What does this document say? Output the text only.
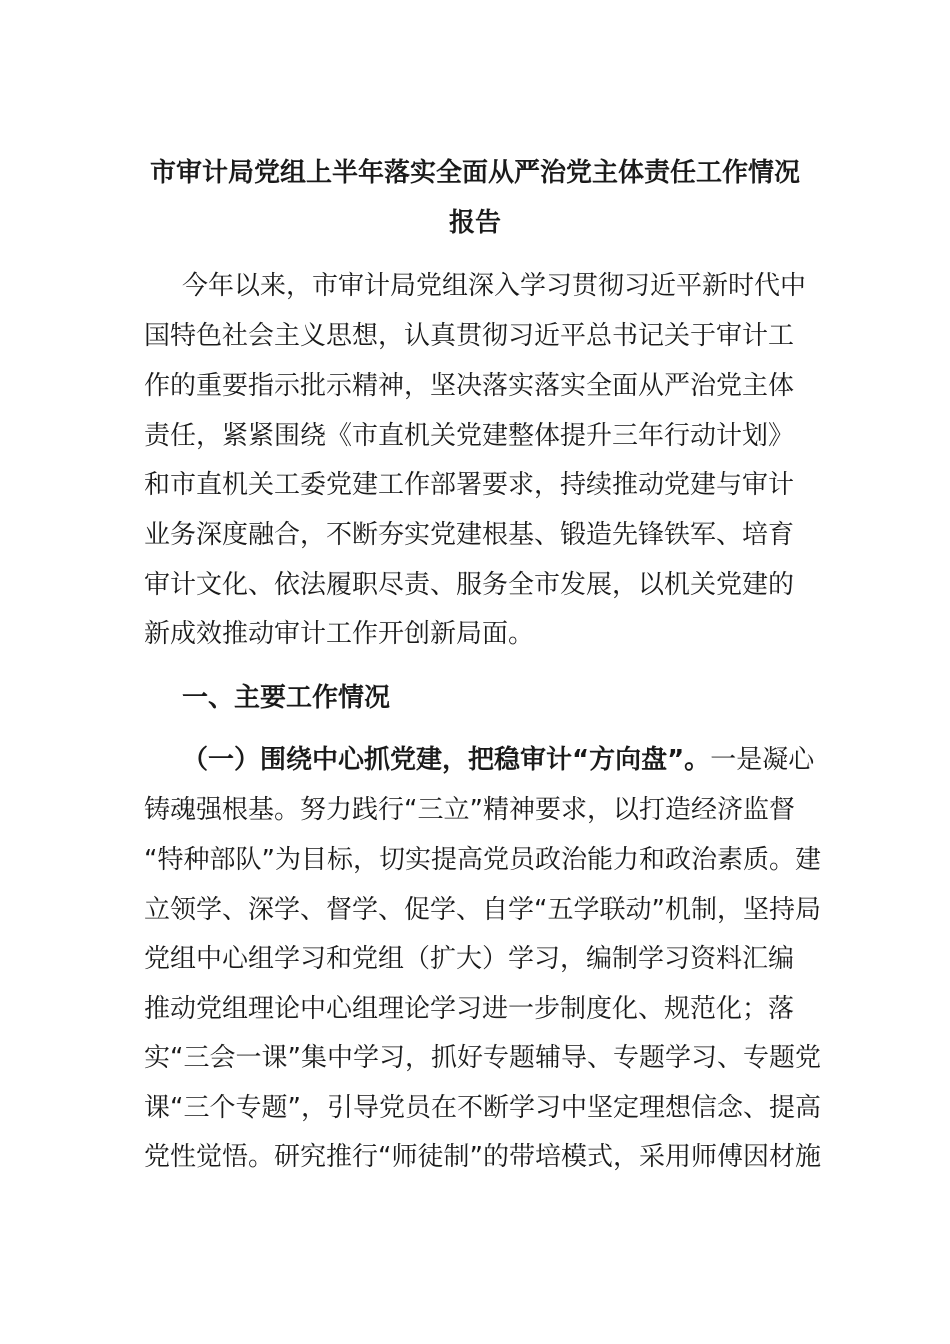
市审计局党组上半年落实全面从严治党主体责任工作情况
报告
今年以来，市审计局党组深入学习贯彻习近平新时代中
国特色社会主义思想，认真贯彻习近平总书记关于审计工
作的重要指示批示精神，坚决落实落实全面从严治党主体
责任，紧紧围绕《市直机关党建整体提升三年行动计划》
和市直机关工委党建工作部署要求，持续推动党建与审计
业务深度融合，不断夯实党建根基、锻造先锋铁军、培育
审计文化、依法履职尽责、服务全市发展，以机关党建的
新成效推动审计工作开创新局面。
一、主要工作情况
（一）围绕中心抓党建，把稳审计“方向盘”。一是凝心
铸魂强根基。努力践行“三立”精神要求，以打造经济监督
“特种部队”为目标，切实提高党员政治能力和政治素质。建
立领学、深学、督学、促学、自学“五学联动”机制，坚持局
党组中心组学习和党组（扩大）学习，编制学习资料汇编
推动党组理论中心组理论学习进一步制度化、规范化；落
实“三会一课”集中学习，抓好专题辅导、专题学习、专题党
课“三个专题”，引导党员在不断学习中坚定理想信念、提高
党性觉悟。研究推行“师徒制”的带培模式，采用师傅因材施
